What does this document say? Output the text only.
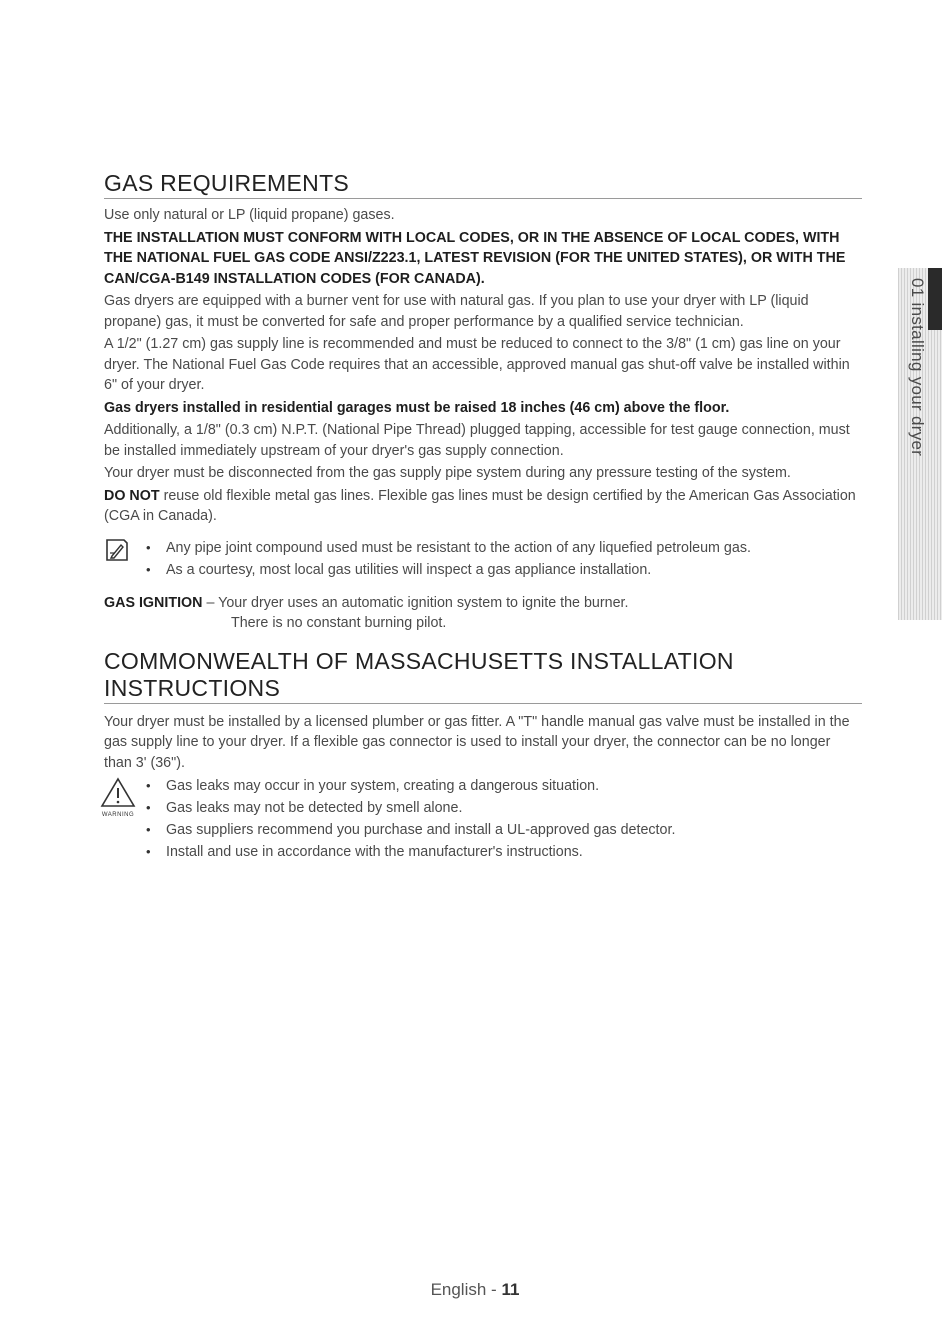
GAS REQUIREMENTS

Use only natural or LP (liquid propane) gases.

THE INSTALLATION MUST CONFORM WITH LOCAL CODES, OR IN THE ABSENCE OF LOCAL CODES, WITH THE NATIONAL FUEL GAS CODE ANSI/Z223.1, LATEST REVISION (FOR THE UNITED STATES), OR WITH THE CAN/CGA-B149 INSTALLATION CODES (FOR CANADA).

Gas dryers are equipped with a burner vent for use with natural gas. If you plan to use your dryer with LP (liquid propane) gas, it must be converted for safe and proper performance by a qualified service technician.

A 1/2" (1.27 cm) gas supply line is recommended and must be reduced to connect to the 3/8" (1 cm) gas line on your dryer. The National Fuel Gas Code requires that an accessible, approved manual gas shut-off valve be installed within 6" of your dryer.

Gas dryers installed in residential garages must be raised 18 inches (46 cm) above the floor.

Additionally, a 1/8" (0.3 cm) N.P.T. (National Pipe Thread) plugged tapping, accessible for test gauge connection, must be installed immediately upstream of your dryer's gas supply connection.

Your dryer must be disconnected from the gas supply pipe system during any pressure testing of the system.

DO NOT reuse old flexible metal gas lines. Flexible gas lines must be design certified by the American Gas Association (CGA in Canada).

• Any pipe joint compound used must be resistant to the action of any liquefied petroleum gas.
• As a courtesy, most local gas utilities will inspect a gas appliance installation.
GAS IGNITION – Your dryer uses an automatic ignition system to ignite the burner.
There is no constant burning pilot.
COMMONWEALTH OF MASSACHUSETTS INSTALLATION INSTRUCTIONS

Your dryer must be installed by a licensed plumber or gas fitter. A "T" handle manual gas valve must be installed in the gas supply line to your dryer. If a flexible gas connector is used to install your dryer, the connector can be no longer than 3' (36").

WARNING
• Gas leaks may occur in your system, creating a dangerous situation.
• Gas leaks may not be detected by smell alone.
• Gas suppliers recommend you purchase and install a UL-approved gas detector.
• Install and use in accordance with the manufacturer's instructions.
01 installing your dryer
English - 11
